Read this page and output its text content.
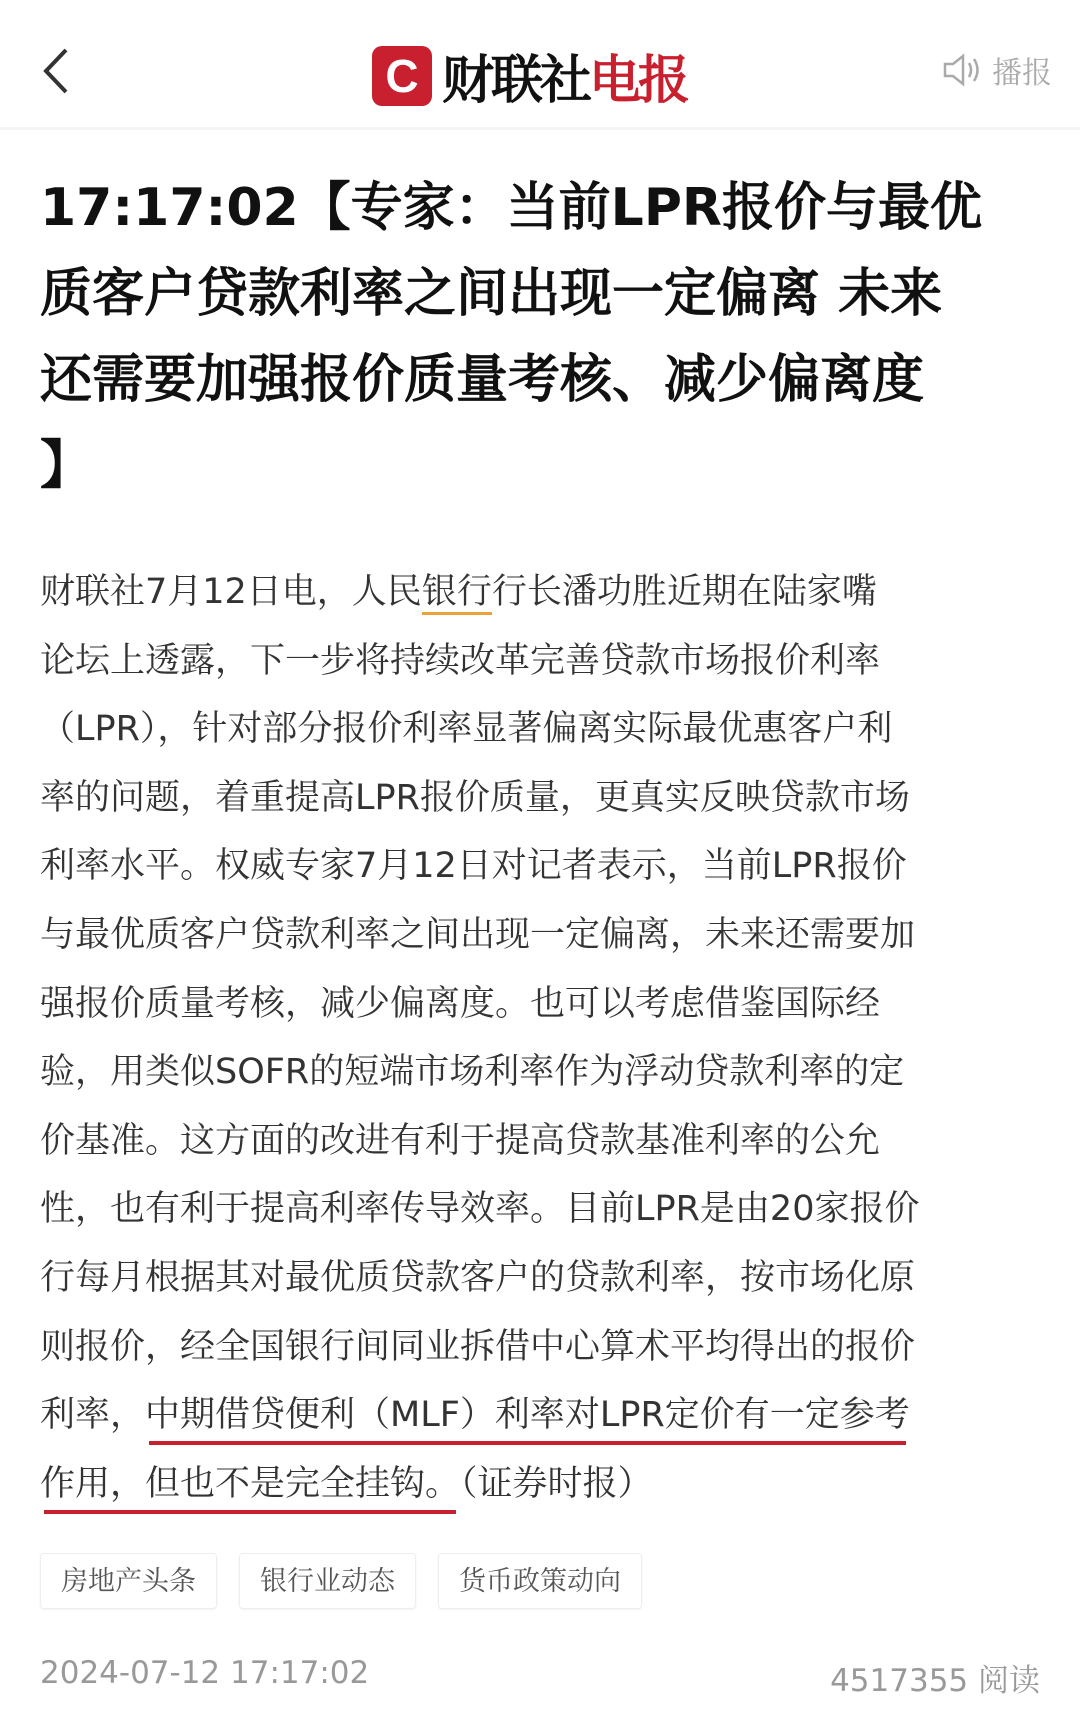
C 财联社电报	播报
17:17:02【专家：当前LPR报价与最优
质客户贷款利率之间出现一定偏离 未来
还需要加强报价质量考核、减少偏离度
】
财联社7月12日电，人民银行行长潘功胜近期在陆家嘴
论坛上透露，下一步将持续改革完善贷款市场报价利率
（LPR），针对部分报价利率显著偏离实际最优惠客户利
率的问题，着重提高LPR报价质量，更真实反映贷款市场
利率水平。权威专家7月12日对记者表示，当前LPR报价
与最优质客户贷款利率之间出现一定偏离，未来还需要加
强报价质量考核，减少偏离度。也可以考虑借鉴国际经
验，用类似SOFR的短端市场利率作为浮动贷款利率的定
价基准。这方面的改进有利于提高贷款基准利率的公允
性，也有利于提高利率传导效率。目前LPR是由20家报价
行每月根据其对最优质贷款客户的贷款利率，按市场化原
则报价，经全国银行间同业拆借中心算术平均得出的报价
利率，中期借贷便利（MLF）利率对LPR定价有一定参考
作用，但也不是完全挂钩。（证券时报）
房地产头条	银行业动态	货币政策动向
2024-07-12 17:17:02	4517355 阅读
